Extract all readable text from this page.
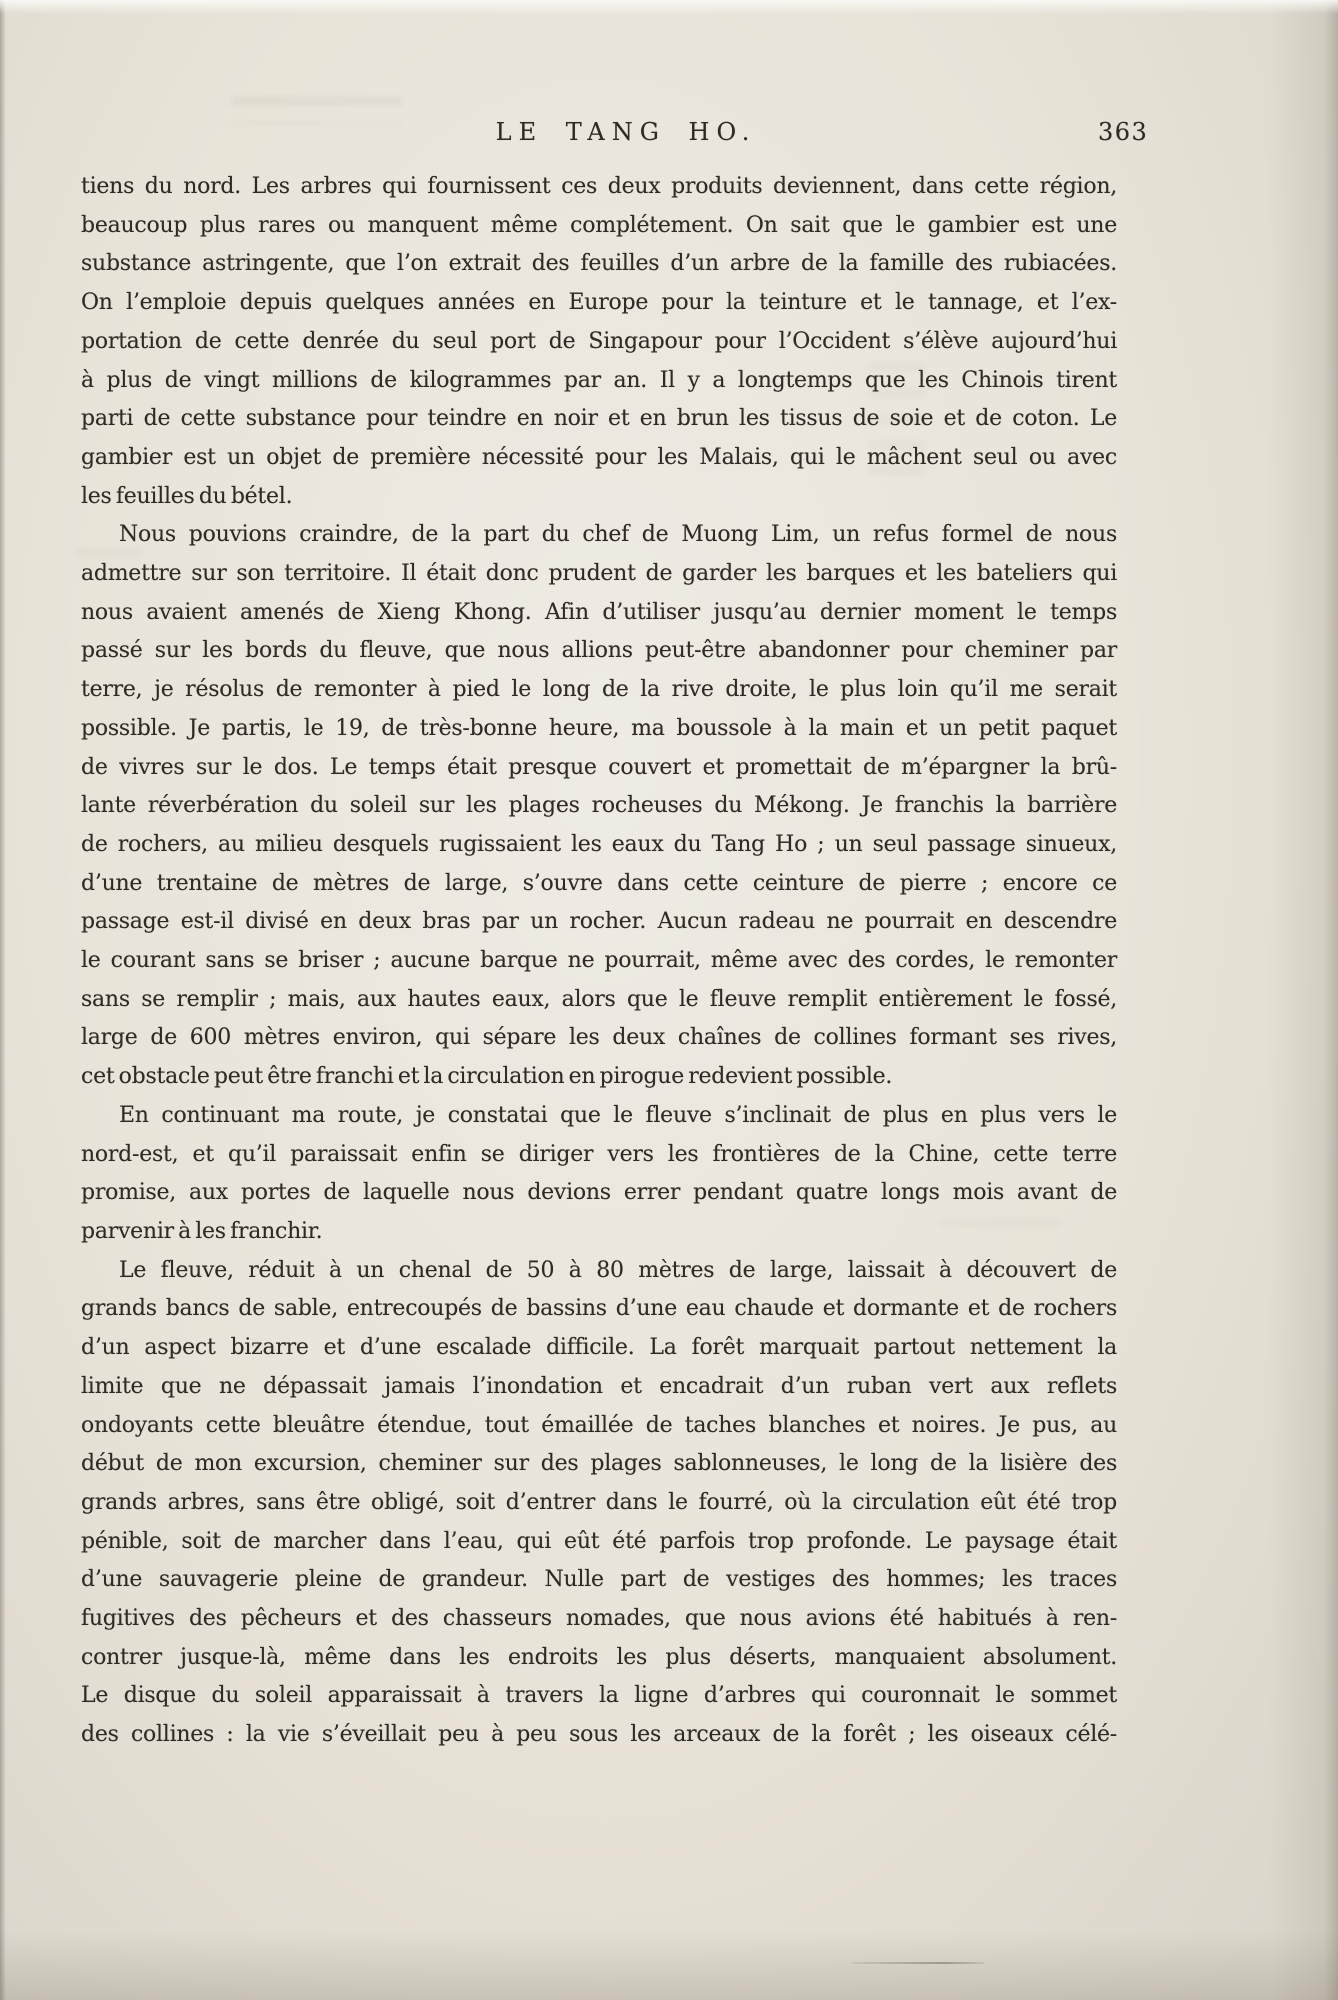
LE TANG HO.	363

tiens du nord. Les arbres qui fournissent ces deux produits deviennent, dans cette région,
beaucoup plus rares ou manquent même complétement. On sait que le gambier est une
substance astringente, que l’on extrait des feuilles d’un arbre de la famille des rubiacées.
On l’emploie depuis quelques années en Europe pour la teinture et le tannage, et l’ex-
portation de cette denrée du seul port de Singapour pour l’Occident s’élève aujourd’hui
à plus de vingt millions de kilogrammes par an. Il y a longtemps que les Chinois tirent
parti de cette substance pour teindre en noir et en brun les tissus de soie et de coton. Le
gambier est un objet de première nécessité pour les Malais, qui le mâchent seul ou avec
les feuilles du bétel.

Nous pouvions craindre, de la part du chef de Muong Lim, un refus formel de nous
admettre sur son territoire. Il était donc prudent de garder les barques et les bateliers qui
nous avaient amenés de Xieng Khong. Afin d’utiliser jusqu’au dernier moment le temps
passé sur les bords du fleuve, que nous allions peut-être abandonner pour cheminer par
terre, je résolus de remonter à pied le long de la rive droite, le plus loin qu’il me serait
possible. Je partis, le 19, de très-bonne heure, ma boussole à la main et un petit paquet
de vivres sur le dos. Le temps était presque couvert et promettait de m’épargner la brû-
lante réverbération du soleil sur les plages rocheuses du Mékong. Je franchis la barrière
de rochers, au milieu desquels rugissaient les eaux du Tang Ho ; un seul passage sinueux,
d’une trentaine de mètres de large, s’ouvre dans cette ceinture de pierre ; encore ce
passage est-il divisé en deux bras par un rocher. Aucun radeau ne pourrait en descendre
le courant sans se briser ; aucune barque ne pourrait, même avec des cordes, le remonter
sans se remplir ; mais, aux hautes eaux, alors que le fleuve remplit entièrement le fossé,
large de 600 mètres environ, qui sépare les deux chaînes de collines formant ses rives,
cet obstacle peut être franchi et la circulation en pirogue redevient possible.

En continuant ma route, je constatai que le fleuve s’inclinait de plus en plus vers le
nord-est, et qu’il paraissait enfin se diriger vers les frontières de la Chine, cette terre
promise, aux portes de laquelle nous devions errer pendant quatre longs mois avant de
parvenir à les franchir.

Le fleuve, réduit à un chenal de 50 à 80 mètres de large, laissait à découvert de
grands bancs de sable, entrecoupés de bassins d’une eau chaude et dormante et de rochers
d’un aspect bizarre et d’une escalade difficile. La forêt marquait partout nettement la
limite que ne dépassait jamais l’inondation et encadrait d’un ruban vert aux reflets
ondoyants cette bleuâtre étendue, tout émaillée de taches blanches et noires. Je pus, au
début de mon excursion, cheminer sur des plages sablonneuses, le long de la lisière des
grands arbres, sans être obligé, soit d’entrer dans le fourré, où la circulation eût été trop
pénible, soit de marcher dans l’eau, qui eût été parfois trop profonde. Le paysage était
d’une sauvagerie pleine de grandeur. Nulle part de vestiges des hommes; les traces
fugitives des pêcheurs et des chasseurs nomades, que nous avions été habitués à ren-
contrer jusque-là, même dans les endroits les plus déserts, manquaient absolument.
Le disque du soleil apparaissait à travers la ligne d’arbres qui couronnait le sommet
des collines : la vie s’éveillait peu à peu sous les arceaux de la forêt ; les oiseaux célé-
